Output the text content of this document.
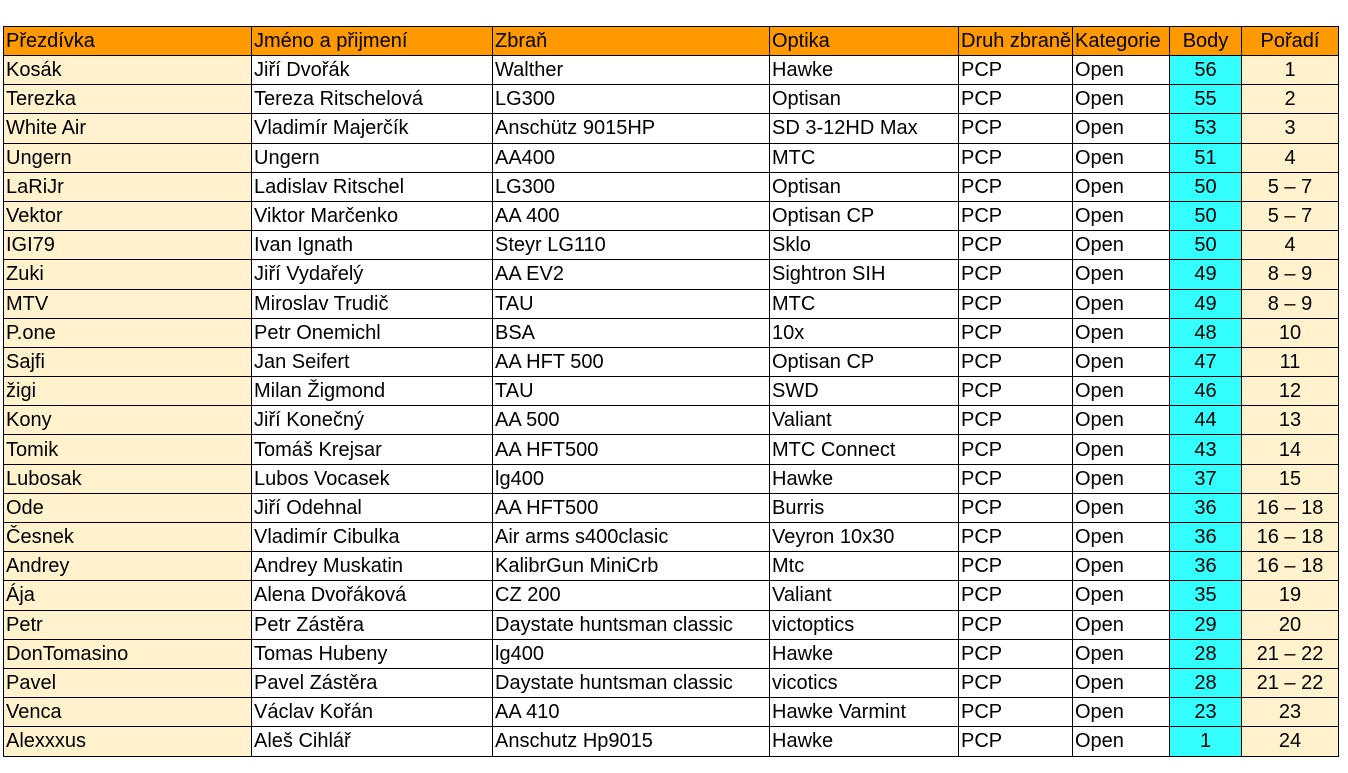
Přezdívka	Jméno a přijmení	Zbraň	Optika	Druh zbraně	Kategorie	Body	Pořadí
Kosák	Jiří Dvořák	Walther	Hawke	PCP	Open	56	1
Terezka	Tereza Ritschelová	LG300	Optisan	PCP	Open	55	2
White Air	Vladimír Majerčík	Anschütz 9015HP	SD 3-12HD Max	PCP	Open	53	3
Ungern	Ungern	AA400	MTC	PCP	Open	51	4
LaRiJr	Ladislav Ritschel	LG300	Optisan	PCP	Open	50	5 – 7
Vektor	Viktor Marčenko	AA 400	Optisan CP	PCP	Open	50	5 – 7
IGI79	Ivan Ignath	Steyr LG110	Sklo	PCP	Open	50	4
Zuki	Jiří Vydařelý	AA EV2	Sightron SIH	PCP	Open	49	8 – 9
MTV	Miroslav Trudič	TAU	MTC	PCP	Open	49	8 – 9
P.one	Petr Onemichl	BSA	10x	PCP	Open	48	10
Sajfi	Jan Seifert	AA HFT 500	Optisan CP	PCP	Open	47	11
žigi	Milan Žigmond	TAU	SWD	PCP	Open	46	12
Kony	Jiří Konečný	AA 500	Valiant	PCP	Open	44	13
Tomik	Tomáš Krejsar	AA HFT500	MTC Connect	PCP	Open	43	14
Lubosak	Lubos Vocasek	lg400	Hawke	PCP	Open	37	15
Ode	Jiří Odehnal	AA HFT500	Burris	PCP	Open	36	16 – 18
Česnek	Vladimír Cibulka	Air arms s400clasic	Veyron 10x30	PCP	Open	36	16 – 18
Andrey	Andrey Muskatin	KalibrGun MiniCrb	Mtc	PCP	Open	36	16 – 18
Ája	Alena Dvořáková	CZ 200	Valiant	PCP	Open	35	19
Petr	Petr Zástěra	Daystate huntsman classic	victoptics	PCP	Open	29	20
DonTomasino	Tomas Hubeny	lg400	Hawke	PCP	Open	28	21 – 22
Pavel	Pavel Zástěra	Daystate huntsman classic	vicotics	PCP	Open	28	21 – 22
Venca	Václav Kořán	AA 410	Hawke Varmint	PCP	Open	23	23
Alexxxus	Aleš Cihlář	Anschutz Hp9015	Hawke	PCP	Open	1	24
